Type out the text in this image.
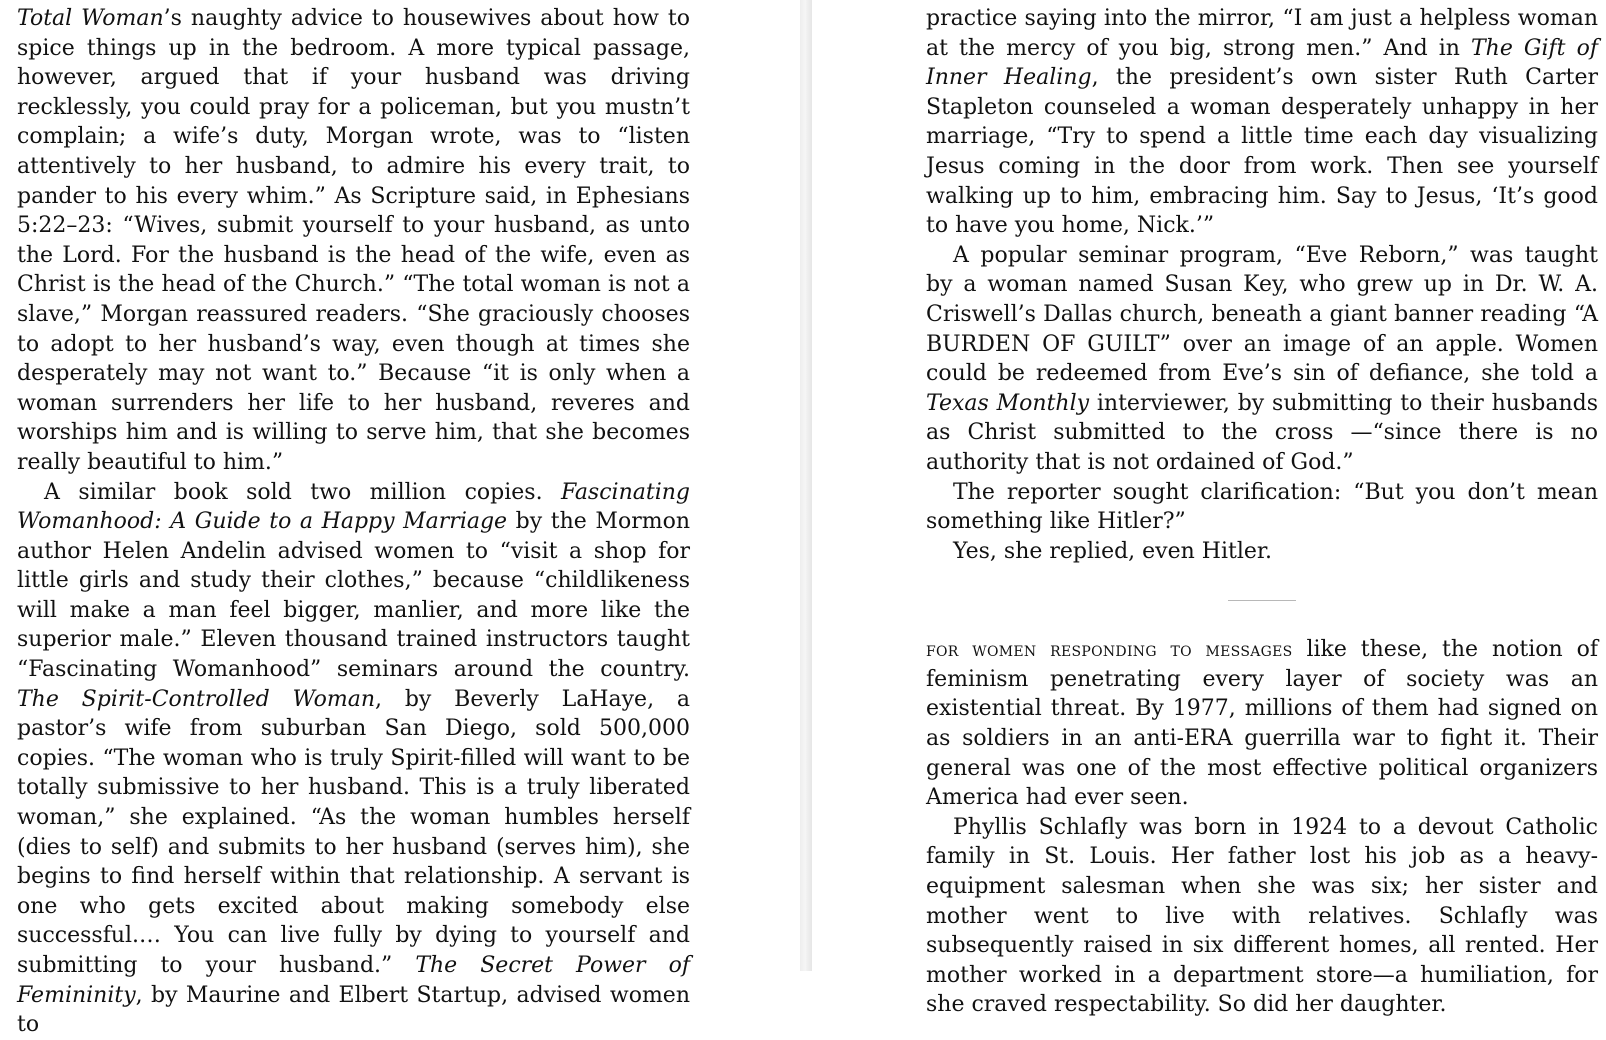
Total Woman’s naughty advice to housewives about how to spice things up in the bedroom. A more typical passage, however, argued that if your husband was driving recklessly, you could pray for a policeman, but you mustn’t complain; a wife’s duty, Morgan wrote, was to “listen attentively to her husband, to admire his every trait, to pander to his every whim.” As Scripture said, in Ephesians 5:22–23: “Wives, submit yourself to your husband, as unto the Lord. For the husband is the head of the wife, even as Christ is the head of the Church.” “The total woman is not a slave,” Morgan reassured readers. “She graciously chooses to adopt to her husband’s way, even though at times she desperately may not want to.” Because “it is only when a woman surrenders her life to her husband, reveres and worships him and is willing to serve him, that she becomes really beautiful to him.”

A similar book sold two million copies. Fascinating Womanhood: A Guide to a Happy Marriage by the Mormon author Helen Andelin advised women to “visit a shop for little girls and study their clothes,” because “childlikeness will make a man feel bigger, manlier, and more like the superior male.” Eleven thousand trained instructors taught “Fascinating Womanhood” seminars around the country. The Spirit-Controlled Woman, by Beverly LaHaye, a pastor’s wife from suburban San Diego, sold 500,000 copies. “The woman who is truly Spirit-filled will want to be totally submissive to her husband. This is a truly liberated woman,” she explained. “As the woman humbles herself (dies to self) and submits to her husband (serves him), she begins to find herself within that relationship. A servant is one who gets excited about making somebody else successful.… You can live fully by dying to yourself and submitting to your husband.” The Secret Power of Femininity, by Maurine and Elbert Startup, advised women to

practice saying into the mirror, “I am just a helpless woman at the mercy of you big, strong men.” And in The Gift of Inner Healing, the president’s own sister Ruth Carter Stapleton counseled a woman desperately unhappy in her marriage, “Try to spend a little time each day visualizing Jesus coming in the door from work. Then see yourself walking up to him, embracing him. Say to Jesus, ‘It’s good to have you home, Nick.’”

A popular seminar program, “Eve Reborn,” was taught by a woman named Susan Key, who grew up in Dr. W. A. Criswell’s Dallas church, beneath a giant banner reading “A BURDEN OF GUILT” over an image of an apple. Women could be redeemed from Eve’s sin of defiance, she told a Texas Monthly interviewer, by submitting to their husbands as Christ submitted to the cross —“since there is no authority that is not ordained of God.”

The reporter sought clarification: “But you don’t mean something like Hitler?”

Yes, she replied, even Hitler.

for women responding to messages like these, the notion of feminism penetrating every layer of society was an existential threat. By 1977, millions of them had signed on as soldiers in an anti-ERA guerrilla war to fight it. Their general was one of the most effective political organizers America had ever seen.

Phyllis Schlafly was born in 1924 to a devout Catholic family in St. Louis. Her father lost his job as a heavy-equipment salesman when she was six; her sister and mother went to live with relatives. Schlafly was subsequently raised in six different homes, all rented. Her mother worked in a department store—a humiliation, for she craved respectability. So did her daughter.
